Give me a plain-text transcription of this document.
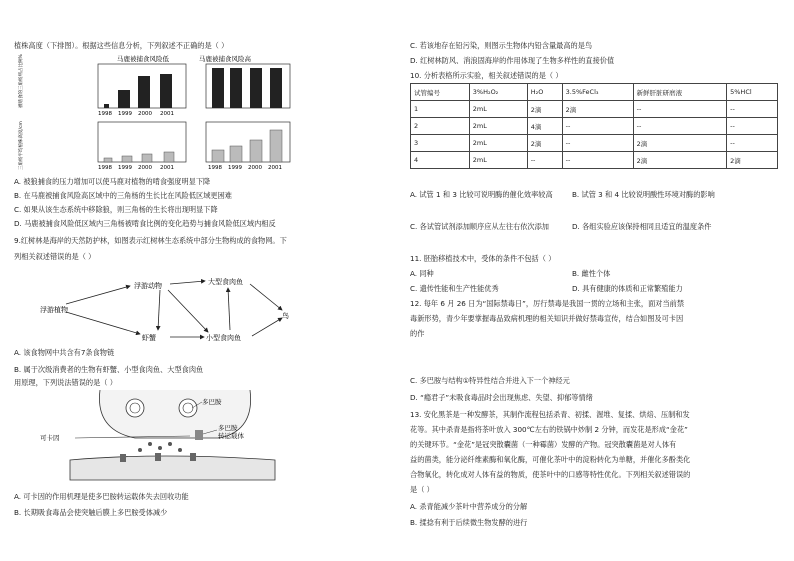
植株高度（下排图）。根据这些信息分析，下列叙述不正确的是（ ）
被啮食的三角杨所占比例%
三角杨平均植株高度/cm
马鹿被捕食风险低	马鹿被捕食风险高
1998 1999 2000 2001
1998 1999 2000 2001	1998 1999 2000 2001
A. 被狼捕食的压力增加可以使马鹿对植物的啃食强度明显下降
B. 在马鹿被捕食风险高区域中的三角杨的生长比在风险低区域更困难
C. 如果从该生态系统中移除狼，则三角杨的生长将出现明显下降
D. 马鹿被捕食风险低区域内三角杨被啃食比例的变化趋势与捕食风险低区域内相反
9.红树林是海岸的天然防护林，如图表示红树林生态系统中部分生物构成的食物网。下
列相关叙述错误的是（ ）
浮游植物
浮游动物	大型食肉鱼
虾蟹	小型食肉鱼
鸟
A. 该食物网中共含有7条食物链
B. 属于次级消费者的生物有虾蟹、小型食肉鱼、大型食肉鱼
用原理，下列说法错误的是（ ）
可卡因
多巴胺
多巴胺
转运载体
A. 可卡因的作用机理是使多巴胺转运载体失去回收功能
B. 长期吸食毒品会使突触后膜上多巴胺受体减少
C. 若该地存在铅污染，则图示生物体内铅含量最高的是鸟
D. 红树林防风、消浪固海岸的作用体现了生物多样性的直接价值
10. 分析表格所示实验，相关叙述错误的是（ ）
试管编号	3%H₂O₂	H₂O	3.5%FeCl₃	新鲜肝脏研磨液	5%HCl
1	2mL	2滴	2滴	--	--
2	2mL	4滴	--	--	--
3	2mL	2滴	--	2滴	--
4	2mL	--	--	2滴	2滴
A. 试管 1 和 3 比较可说明酶的催化效率较高	B. 试管 3 和 4 比较说明酸性环境对酶的影响
C. 各试管试剂添加顺序应从左往右依次添加	D. 各组实验应该保持相同且适宜的温度条件
11. 胚胎移植技术中，受体的条件不包括（ ）
A. 同种	B. 雌性个体
C. 遗传性能和生产性能优秀	D. 具有健康的体质和正常繁殖能力
12. 每年 6 月 26 日为“国际禁毒日”，厉行禁毒是我国一贯的立场和主张，面对当前禁
毒新形势，青少年要掌握毒品致病机理的相关知识并做好禁毒宣传，结合如图及可卡因
的作
C. 多巴胺与结构①特异性结合并进入下一个神经元
D. “瘾君子”未吸食毒品时会出现焦虑、失望、抑郁等情绪
13. 安化黑茶是一种发酵茶，其制作流程包括杀青、初揉、渥堆、复揉、烘焙、压制和发
花等。其中杀青是指将茶叶放入 300℃左右的铁锅中炒制 2 分钟，而发花是形成“金花”
的关键环节。“金花”是冠突散囊菌（一种霉菌）发酵的产物。冠突散囊菌是对人体有
益的菌类，能分泌纤维素酶和氧化酶，可催化茶叶中的淀粉转化为单糖，并催化多酚类化
合物氧化，转化成对人体有益的物质，使茶叶中的口感等特性优化。下列相关叙述错误的
是（ ）
A. 杀青能减少茶叶中营养成分的分解
B. 揉捻有利于后续微生物发酵的进行
